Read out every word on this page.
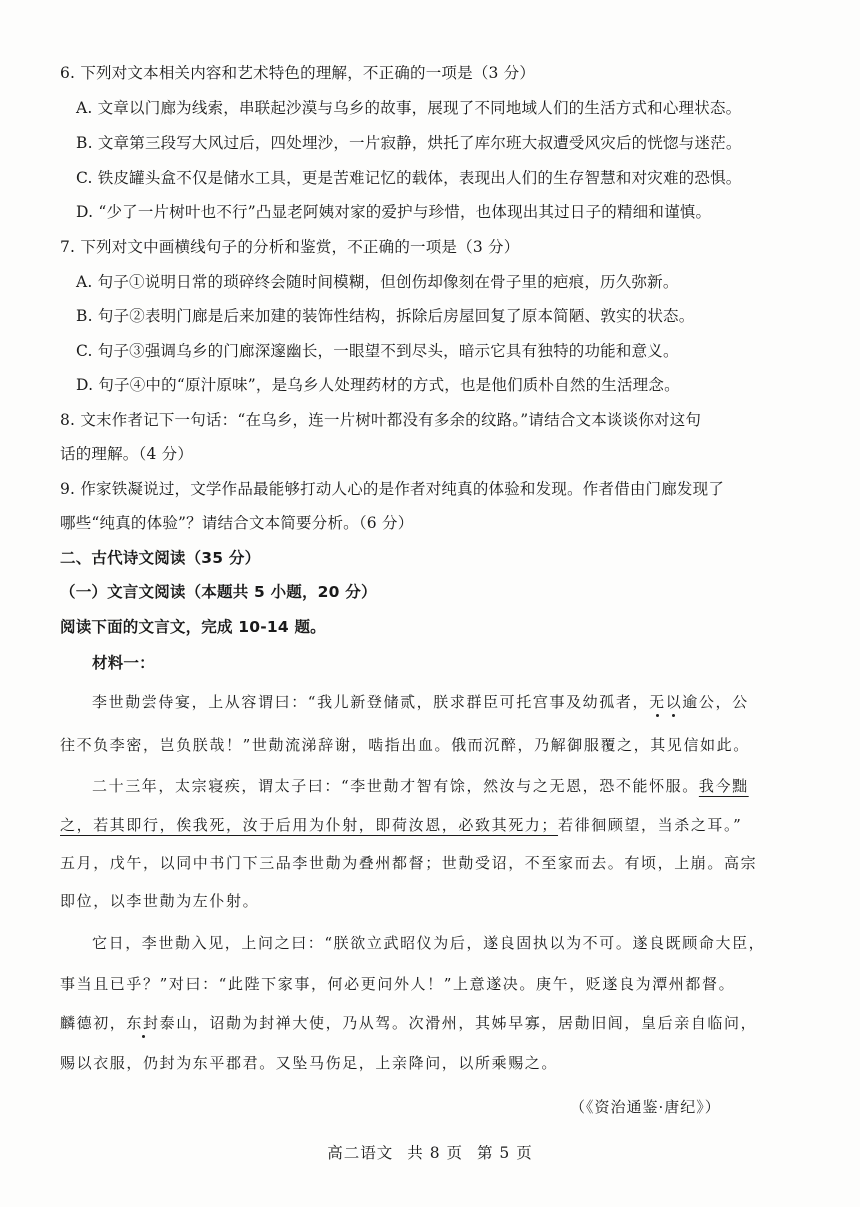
6. 下列对文本相关内容和艺术特色的理解，不正确的一项是（3 分）
A. 文章以门廊为线索，串联起沙漠与乌乡的故事，展现了不同地域人们的生活方式和心理状态。
B. 文章第三段写大风过后，四处埋沙，一片寂静，烘托了库尔班大叔遭受风灾后的恍惚与迷茫。
C. 铁皮罐头盒不仅是储水工具，更是苦难记忆的载体，表现出人们的生存智慧和对灾难的恐惧。
D. “少了一片树叶也不行”凸显老阿姨对家的爱护与珍惜，也体现出其过日子的精细和谨慎。
7. 下列对文中画横线句子的分析和鉴赏，不正确的一项是（3 分）
A. 句子①说明日常的琐碎终会随时间模糊，但创伤却像刻在骨子里的疤痕，历久弥新。
B. 句子②表明门廊是后来加建的装饰性结构，拆除后房屋回复了原本简陋、敦实的状态。
C. 句子③强调乌乡的门廊深邃幽长，一眼望不到尽头，暗示它具有独特的功能和意义。
D. 句子④中的“原汁原味”，是乌乡人处理药材的方式，也是他们质朴自然的生活理念。
8. 文末作者记下一句话：“在乌乡，连一片树叶都没有多余的纹路。”请结合文本谈谈你对这句
话的理解。（4 分）
9. 作家铁凝说过，文学作品最能够打动人心的是作者对纯真的体验和发现。作者借由门廊发现了
哪些“纯真的体验”？请结合文本简要分析。（6 分）
二、古代诗文阅读（35 分）
（一）文言文阅读（本题共 5 小题，20 分）
阅读下面的文言文，完成 10-14 题。
材料一：
李世勣尝侍宴，上从容谓曰：“我儿新登储贰，朕求群臣可托宫事及幼孤者，无以逾公，公
往不负李密，岂负朕哉！”世勣流涕辞谢，啮指出血。俄而沉醉，乃解御服覆之，其见信如此。
二十三年，太宗寝疾，谓太子曰：“李世勣才智有馀，然汝与之无恩，恐不能怀服。我今黜
之，若其即行，俟我死，汝于后用为仆射，即荷汝恩，必致其死力；若徘徊顾望，当杀之耳。”
五月，戊午，以同中书门下三品李世勣为叠州都督；世勣受诏，不至家而去。有顷，上崩。高宗
即位，以李世勣为左仆射。
它日，李世勣入见，上问之曰：“朕欲立武昭仪为后，遂良固执以为不可。遂良既顾命大臣，
事当且已乎？”对曰：“此陛下家事，何必更问外人！”上意遂决。庚午，贬遂良为潭州都督。
麟德初，东封泰山，诏勣为封禅大使，乃从驾。次滑州，其姊早寡，居勣旧闾，皇后亲自临问，
赐以衣服，仍封为东平郡君。又坠马伤足，上亲降问，以所乘赐之。
（《资治通鉴·唐纪》）
高二语文 共 8 页 第 5 页
